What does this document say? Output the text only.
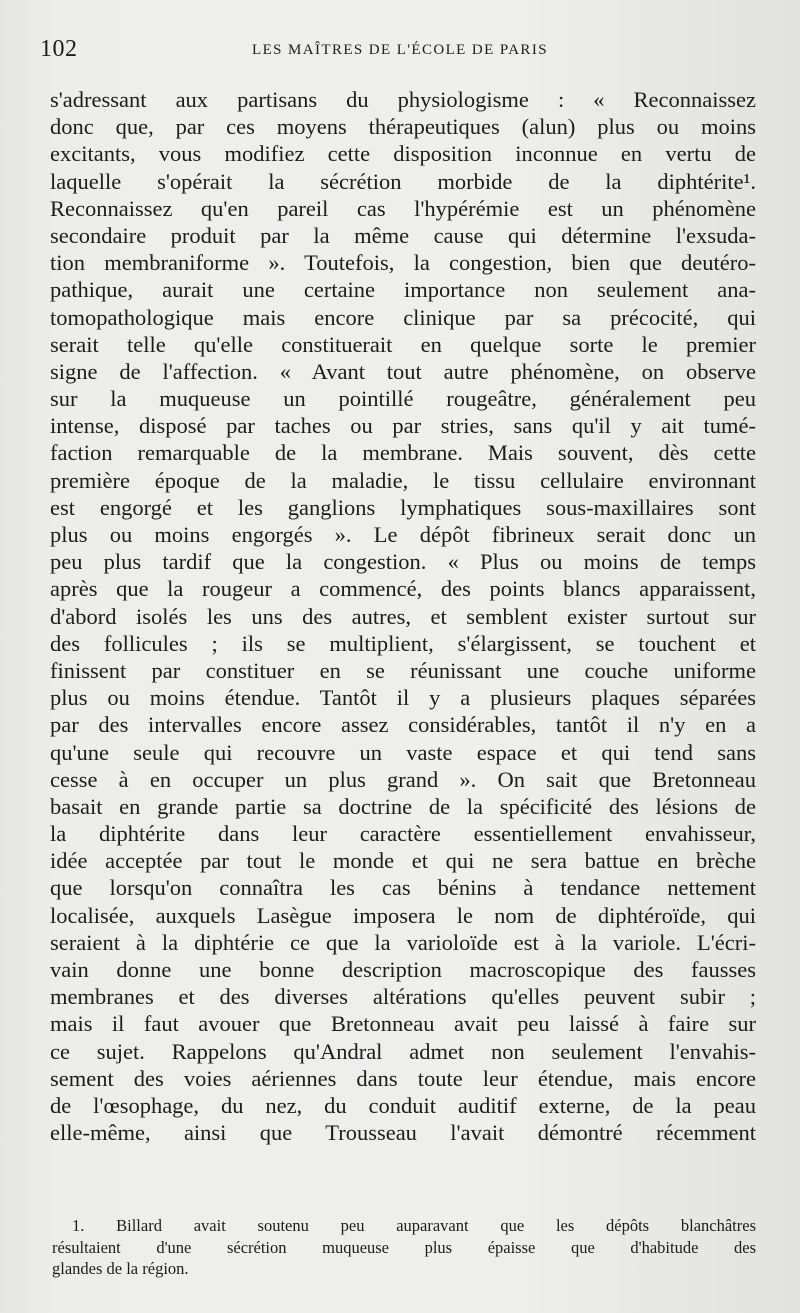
102	LES MAÎTRES DE L'ÉCOLE DE PARIS
s'adressant aux partisans du physiologisme : « Reconnaissez
donc que, par ces moyens thérapeutiques (alun) plus ou moins
excitants, vous modifiez cette disposition inconnue en vertu de
laquelle s'opérait la sécrétion morbide de la diphtérite¹.
Reconnaissez qu'en pareil cas l'hypérémie est un phénomène
secondaire produit par la même cause qui détermine l'exsuda-
tion membraniforme ». Toutefois, la congestion, bien que deutéro-
pathique, aurait une certaine importance non seulement ana-
tomopathologique mais encore clinique par sa précocité, qui
serait telle qu'elle constituerait en quelque sorte le premier
signe de l'affection. « Avant tout autre phénomène, on observe
sur la muqueuse un pointillé rougeâtre, généralement peu
intense, disposé par taches ou par stries, sans qu'il y ait tumé-
faction remarquable de la membrane. Mais souvent, dès cette
première époque de la maladie, le tissu cellulaire environnant
est engorgé et les ganglions lymphatiques sous-maxillaires sont
plus ou moins engorgés ». Le dépôt fibrineux serait donc un
peu plus tardif que la congestion. « Plus ou moins de temps
après que la rougeur a commencé, des points blancs apparaissent,
d'abord isolés les uns des autres, et semblent exister surtout sur
des follicules ; ils se multiplient, s'élargissent, se touchent et
finissent par constituer en se réunissant une couche uniforme
plus ou moins étendue. Tantôt il y a plusieurs plaques séparées
par des intervalles encore assez considérables, tantôt il n'y en a
qu'une seule qui recouvre un vaste espace et qui tend sans
cesse à en occuper un plus grand ». On sait que Bretonneau
basait en grande partie sa doctrine de la spécificité des lésions de
la diphtérite dans leur caractère essentiellement envahisseur,
idée acceptée par tout le monde et qui ne sera battue en brèche
que lorsqu'on connaîtra les cas bénins à tendance nettement
localisée, auxquels Lasègue imposera le nom de diphtéroïde, qui
seraient à la diphtérie ce que la varioloïde est à la variole. L'écri-
vain donne une bonne description macroscopique des fausses
membranes et des diverses altérations qu'elles peuvent subir ;
mais il faut avouer que Bretonneau avait peu laissé à faire sur
ce sujet. Rappelons qu'Andral admet non seulement l'envahis-
sement des voies aériennes dans toute leur étendue, mais encore
de l'œsophage, du nez, du conduit auditif externe, de la peau
elle-même, ainsi que Trousseau l'avait démontré récemment
1. Billard avait soutenu peu auparavant que les dépôts blanchâtres
résultaient d'une sécrétion muqueuse plus épaisse que d'habitude des
glandes de la région.
